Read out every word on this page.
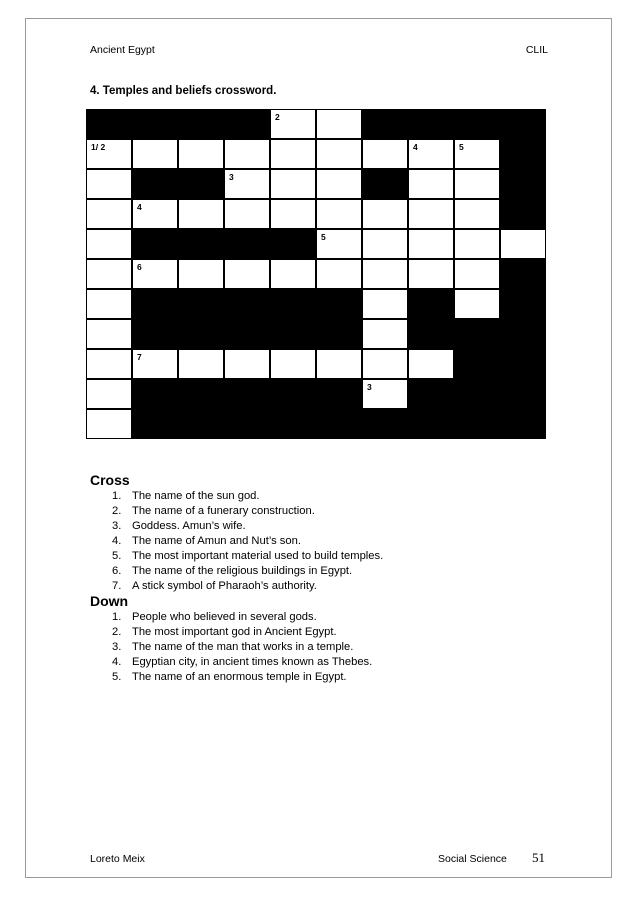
Ancient Egypt	CLIL
4. Temples and beliefs crossword.
1	2
1/ 2	4	5
3
4
5
6
7
3
Cross
1. The name of the sun god.
2. The name of a funerary construction.
3. Goddess. Amun’s wife.
4. The name of Amun and Nut’s son.
5. The most important material used to build temples.
6. The name of the religious buildings in Egypt.
7. A stick symbol of Pharaoh’s authority.
Down
1. People who believed in several gods.
2. The most important god in Ancient Egypt.
3. The name of the man that works in a temple.
4. Egyptian city, in ancient times known as Thebes.
5. The name of an enormous temple in Egypt.
Loreto Meix	Social Science 51
